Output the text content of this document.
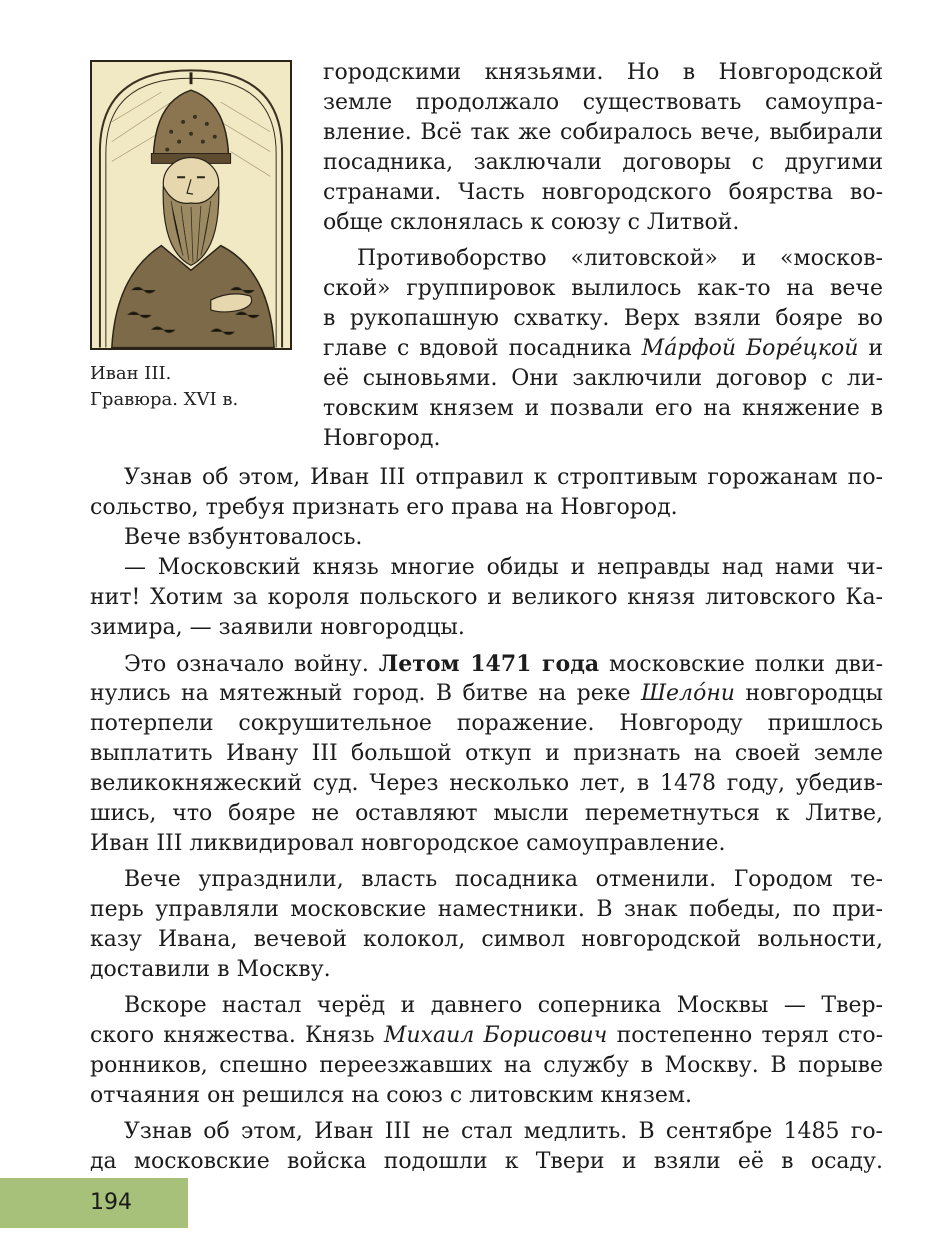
Иван III.
Гравюра. XVI в.

городскими князьями. Но в Новгородской
земле продолжало существовать самоупра-
вление. Всё так же собиралось вече, выбирали
посадника, заключали договоры с другими
странами. Часть новгородского боярства во-
обще склонялась к союзу с Литвой.

Противоборство «литовской» и «москов-
ской» группировок вылилось как-то на вече
в рукопашную схватку. Верх взяли бояре во
главе с вдовой посадника Ма́рфой Боре́цкой и
её сыновьями. Они заключили договор с ли-
товским князем и позвали его на княжение в
Новгород.

Узнав об этом, Иван III отправил к строптивым горожанам по-
сольство, требуя признать его права на Новгород.

Вече взбунтовалось.

— Московский князь многие обиды и неправды над нами чи-
нит! Хотим за короля польского и великого князя литовского Ка-
зимира, — заявили новгородцы.

Это означало войну. Летом 1471 года московские полки дви-
нулись на мятежный город. В битве на реке Шело́ни новгородцы
потерпели сокрушительное поражение. Новгороду пришлось
выплатить Ивану III большой откуп и признать на своей земле
великокняжеский суд. Через несколько лет, в 1478 году, убедив-
шись, что бояре не оставляют мысли переметнуться к Литве,
Иван III ликвидировал новгородское самоуправление.

Вече упразднили, власть посадника отменили. Городом те-
перь управляли московские наместники. В знак победы, по при-
казу Ивана, вечевой колокол, символ новгородской вольности,
доставили в Москву.

Вскоре настал черёд и давнего соперника Москвы — Твер-
ского княжества. Князь Михаил Борисович постепенно терял сто-
ронников, спешно переезжавших на службу в Москву. В порыве
отчаяния он решился на союз с литовским князем.

Узнав об этом, Иван III не стал медлить. В сентябре 1485 го-
да московские войска подошли к Твери и взяли её в осаду.

194
